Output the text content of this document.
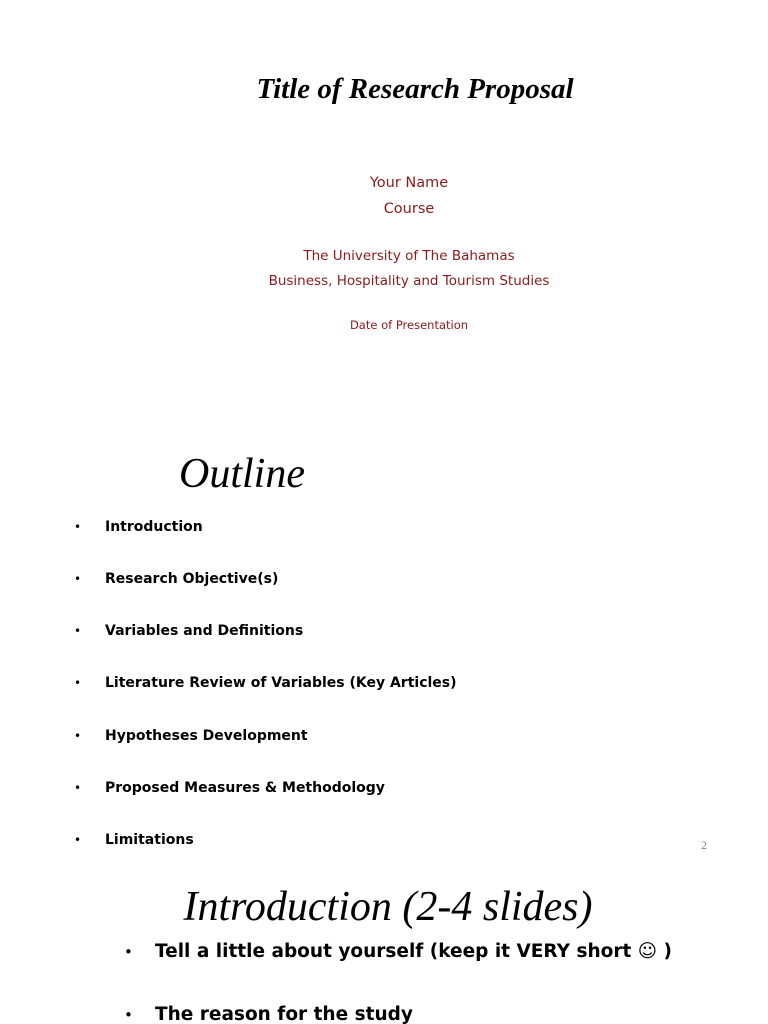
Title of Research Proposal
Your Name
Course
The University of The Bahamas
Business, Hospitality and Tourism Studies
Date of Presentation
Outline
• Introduction
• Research Objective(s)
• Variables and Definitions
• Literature Review of Variables (Key Articles)
• Hypotheses Development
• Proposed Measures & Methodology
• Limitations	2
Introduction (2-4 slides)
• Tell a little about yourself (keep it VERY short ☺ )
• The reason for the study
